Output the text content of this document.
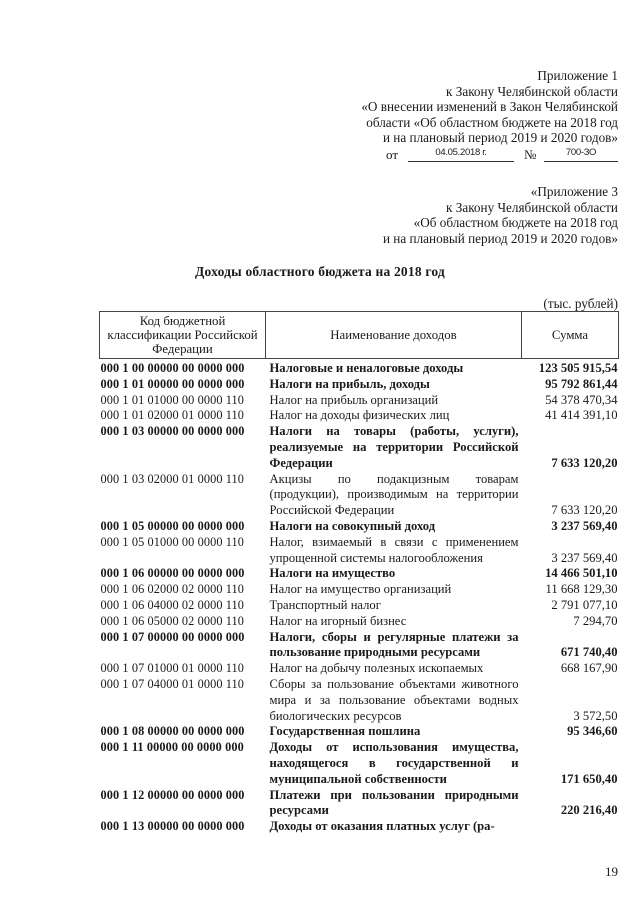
Приложение 1
к Закону Челябинской области
«О внесении изменений в Закон Челябинской
области «Об областном бюджете на 2018 год
и на плановый период 2019 и 2020 годов»
от	04.05.2018 г.	№	700-ЗО
«Приложение 3
к Закону Челябинской области
«Об областном бюджете на 2018 год
и на плановый период 2019 и 2020 годов»
Доходы областного бюджета на 2018 год
(тыс. рублей)
Код бюджетной классификации Российской Федерации	Наименование доходов	Сумма
000 1 00 00000 00 0000 000	Налоговые и неналоговые доходы	123 505 915,54
000 1 01 00000 00 0000 000	Налоги на прибыль, доходы	95 792 861,44
000 1 01 01000 00 0000 110	Налог на прибыль организаций	54 378 470,34
000 1 01 02000 01 0000 110	Налог на доходы физических лиц	41 414 391,10
000 1 03 00000 00 0000 000	Налоги на товары (работы, услуги), реализуемые на территории Российской Федерации	7 633 120,20
000 1 03 02000 01 0000 110	Акцизы по подакцизным товарам (продукции), производимым на территории Российской Федерации	7 633 120,20
000 1 05 00000 00 0000 000	Налоги на совокупный доход	3 237 569,40
000 1 05 01000 00 0000 110	Налог, взимаемый в связи с применением упрощенной системы налогообложения	3 237 569,40
000 1 06 00000 00 0000 000	Налоги на имущество	14 466 501,10
000 1 06 02000 02 0000 110	Налог на имущество организаций	11 668 129,30
000 1 06 04000 02 0000 110	Транспортный налог	2 791 077,10
000 1 06 05000 02 0000 110	Налог на игорный бизнес	7 294,70
000 1 07 00000 00 0000 000	Налоги, сборы и регулярные платежи за пользование природными ресурсами	671 740,40
000 1 07 01000 01 0000 110	Налог на добычу полезных ископаемых	668 167,90
000 1 07 04000 01 0000 110	Сборы за пользование объектами животного мира и за пользование объектами водных биологических ресурсов	3 572,50
000 1 08 00000 00 0000 000	Государственная пошлина	95 346,60
000 1 11 00000 00 0000 000	Доходы от использования имущества, находящегося в государственной и муниципальной собственности	171 650,40
000 1 12 00000 00 0000 000	Платежи при пользовании природными ресурсами	220 216,40
000 1 13 00000 00 0000 000	Доходы от оказания платных услуг (ра-	
19
